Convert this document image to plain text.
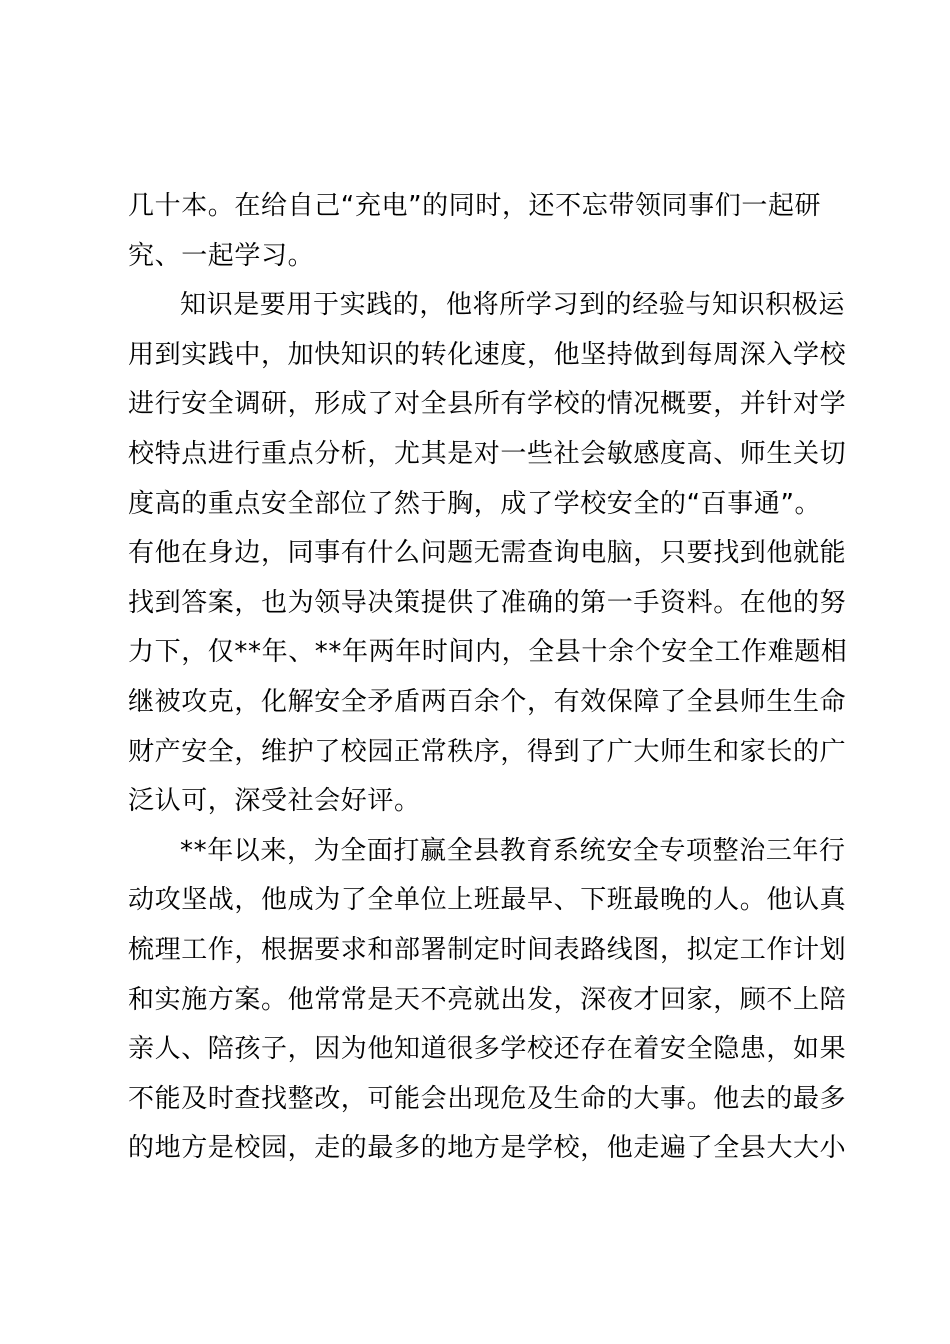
几十本。在给自己“充电”的同时，还不忘带领同事们一起研
究、一起学习。
知识是要用于实践的，他将所学习到的经验与知识积极运
用到实践中，加快知识的转化速度，他坚持做到每周深入学校
进行安全调研，形成了对全县所有学校的情况概要，并针对学
校特点进行重点分析，尤其是对一些社会敏感度高、师生关切
度高的重点安全部位了然于胸，成了学校安全的“百事通”。
有他在身边，同事有什么问题无需查询电脑，只要找到他就能
找到答案，也为领导决策提供了准确的第一手资料。在他的努
力下，仅**年、**年两年时间内，全县十余个安全工作难题相
继被攻克，化解安全矛盾两百余个，有效保障了全县师生生命
财产安全，维护了校园正常秩序，得到了广大师生和家长的广
泛认可，深受社会好评。
**年以来，为全面打赢全县教育系统安全专项整治三年行
动攻坚战，他成为了全单位上班最早、下班最晚的人。他认真
梳理工作，根据要求和部署制定时间表路线图，拟定工作计划
和实施方案。他常常是天不亮就出发，深夜才回家，顾不上陪
亲人、陪孩子，因为他知道很多学校还存在着安全隐患，如果
不能及时查找整改，可能会出现危及生命的大事。他去的最多
的地方是校园，走的最多的地方是学校，他走遍了全县大大小
